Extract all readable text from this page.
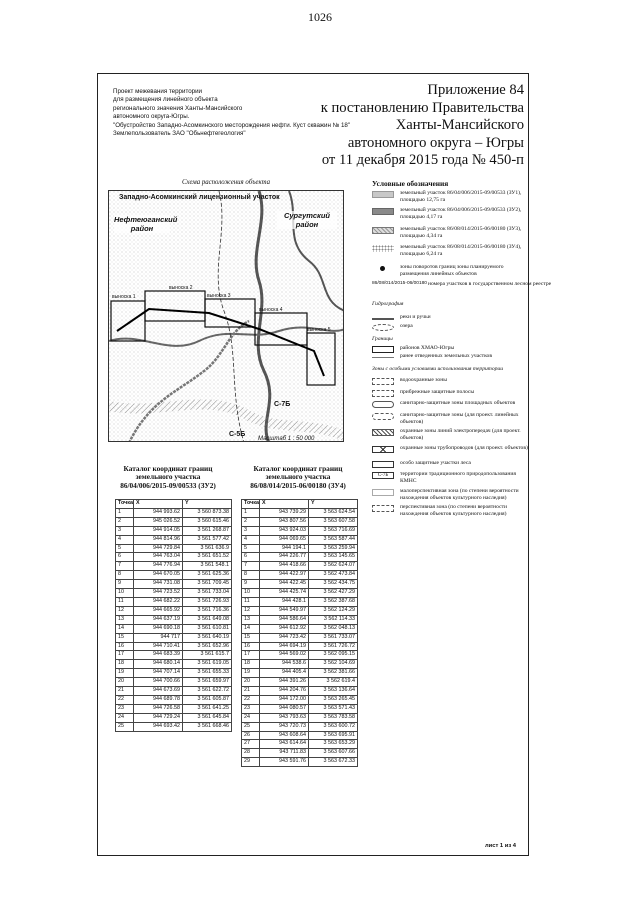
1026
Проект межевания территории
для размещения линейного объекта
регионального значения Ханты-Мансийского
автономного округа-Югры.
"Обустройство Западно-Асомкинского месторождения нефти. Куст скважин № 18"
Землепользователь ЗАО "Обьнефтегеология"
Приложение 84
к постановлению Правительства
Ханты-Мансийского
автономного округа – Югры
от 11 декабря 2015 года № 450-п
Схема расположения объекта
Западно-Асомкинский лицензионный участок
Нефтеюганский район
Сургутский район
выноска 1
выноска 2
выноска 3
выноска 4
выноска 5
С-7Б
С-5Б
Масштаб 1 : 50 000
Условные обозначения
земельный участок 86/04/006/2015-09/00533 (ЗУ1), площадью 12,75 га
земельный участок 86/04/006/2015-09/00533 (ЗУ2), площадью 4,17 га
земельный участок 86/08/014/2015-06/00180 (ЗУ3), площадью 4,34 га
земельный участок 86/08/014/2015-06/00180 (ЗУ4), площадью 6,24 га
зоны поворотов границ зоны планируемого размещения линейных объектов
86/08/014/2015-06/00180 номера участков в государственном лесном реестре
Гидрография
реки и ручьи
озера
Границы
районов ХМАО-Югры
ранее отведенных земельных участков
Зоны с особыми условиями использования территории
водоохранные зоны
прибрежные защитные полосы
санитарно-защитные зоны площадных объектов
санитарно-защитные зоны (для проект. линейных объектов)
охранные зоны линий электропередач (для проект. объектов)
охранные зоны трубопроводов (для проект. объектов)
особо защитные участки леса
С-7Б	территории традиционного природопользования КМНС
малоперспективная зона (по степени вероятности нахождения объектов культурного наследия)
перспективная зона (по степени вероятности нахождения объектов культурного наследия)
Каталог координат границ
земельного участка
86/04/006/2015-09/00533 (ЗУ2)
Точка	X	Y
1	944 993.62	3 560 873.38
2	945 026.52	3 560 615.46
3	944 914.05	3 561 268.87
4	944 814.96	3 561 577.42
5	944 729.84	3 561 636.9
6	944 763.04	3 561 651.52
7	944 776.94	3 561 548.1
8	944 670.05	3 561 625.36
9	944 731.08	3 561 709.45
10	944 723.52	3 561 733.04
11	944 682.22	3 561 726.93
12	944 665.92	3 561 716.36
13	944 637.19	3 561 649.08
14	944 690.18	3 561 610.81
15	944 717	3 561 640.19
16	944 710.41	3 561 652.96
17	944 683.39	3 561 615.7
18	944 680.14	3 561 619.05
19	944 707.14	3 561 655.33
20	944 700.66	3 561 659.97
21	944 673.69	3 561 622.72
22	944 689.78	3 561 605.87
23	944 726.58	3 561 641.25
24	944 729.24	3 561 645.84
25	944 693.42	3 561 668.46
Каталог координат границ
земельного участка
86/08/014/2015-06/00180 (ЗУ4)
Точка	X	Y
1	943 739.29	3 563 624.54
2	943 807.56	3 563 607.58
3	943 924.03	3 563 716.69
4	944 069.65	3 563 587.44
5	944 194.1	3 563 259.94
6	944 226.77	3 563 145.65
7	944 418.66	3 562 624.07
8	944 422.97	3 562 473.84
9	944 422.45	3 562 434.75
10	944 425.74	3 562 427.29
11	944 428.1	3 562 387.68
12	944 549.97	3 562 124.29
13	944 586.64	3 562 114.33
14	944 612.92	3 562 048.13
15	944 723.42	3 561 733.07
16	944 694.19	3 561 726.72
17	944 569.02	3 562 095.15
18	944 538.6	3 562 104.69
19	944 405.4	3 562 381.66
20	944 391.26	3 562 619.4
21	944 204.76	3 563 136.64
22	944 172.00	3 563 265.45
23	944 080.57	3 563 571.43
24	943 793.63	3 563 783.58
25	943 720.73	3 563 600.72
26	943 608.64	3 563 695.91
27	943 614.64	3 563 653.29
28	943 711.83	3 563 607.66
29	943 591.76	3 563 672.33
лист 1 из 4
